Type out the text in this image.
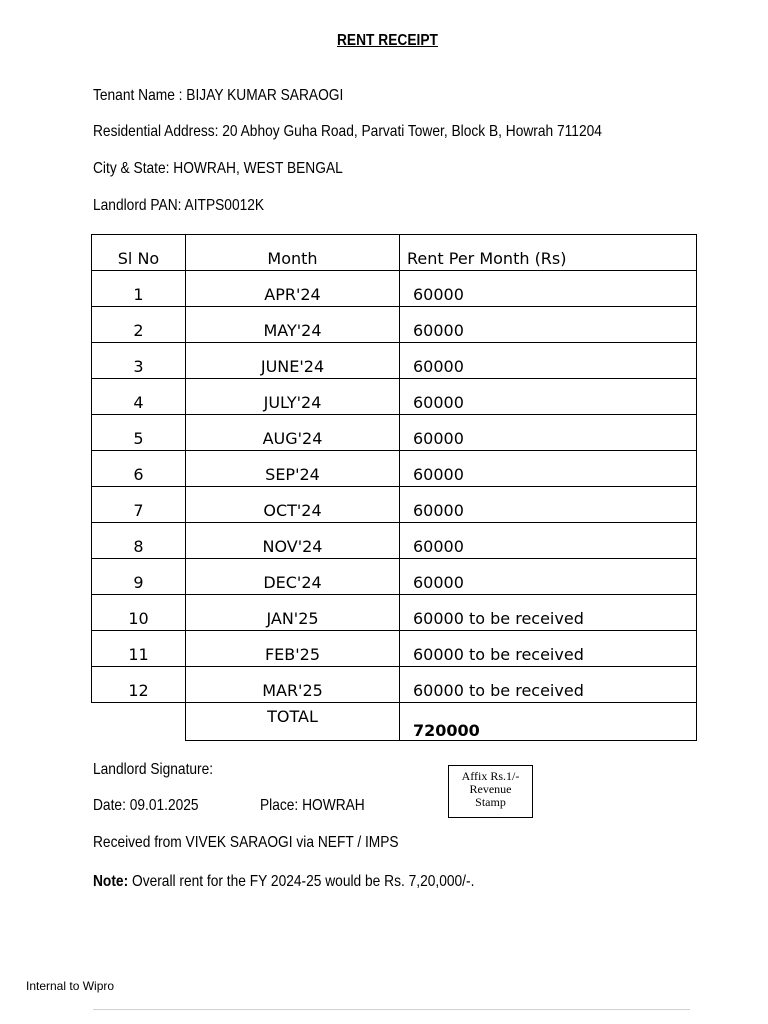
RENT RECEIPT
Tenant Name : BIJAY KUMAR SARAOGI
Residential Address: 20 Abhoy Guha Road, Parvati Tower, Block B, Howrah 711204
City & State: HOWRAH, WEST BENGAL
Landlord PAN: AITPS0012K
Sl No	Month	Rent Per Month (Rs)
1	APR'24	60000
2	MAY'24	60000
3	JUNE'24	60000
4	JULY'24	60000
5	AUG'24	60000
6	SEP'24	60000
7	OCT'24	60000
8	NOV'24	60000
9	DEC'24	60000
10	JAN'25	60000 to be received
11	FEB'25	60000 to be received
12	MAR'25	60000 to be received
	TOTAL	720000
Landlord Signature:
Date: 09.01.2025	Place: HOWRAH
Received from VIVEK SARAOGI via NEFT / IMPS
Note: Overall rent for the FY 2024-25 would be Rs. 7,20,000/-.
Affix Rs.1/-
Revenue
Stamp
Internal to Wipro
